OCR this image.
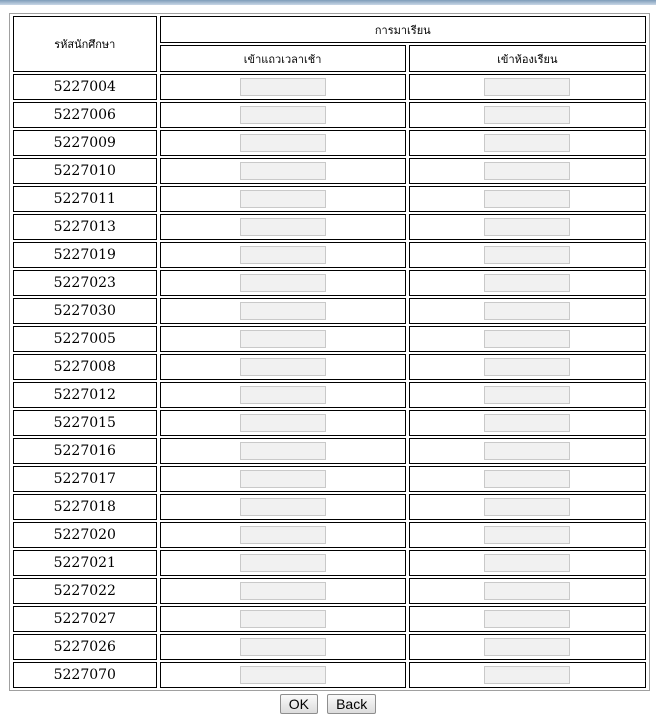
รหัสนักศึกษา	การมาเรียน	
	เข้าแถวเวลาเช้า	เข้าห้องเรียน
5227004	

5227006	

5227009	

5227010	

5227011	

5227013	

5227019	

5227023	

5227030	

5227005	

5227008	

5227012	

5227015	

5227016	

5227017	

5227018	

5227020	

5227021	

5227022	

5227027	

5227026	

5227070	

OK Back
